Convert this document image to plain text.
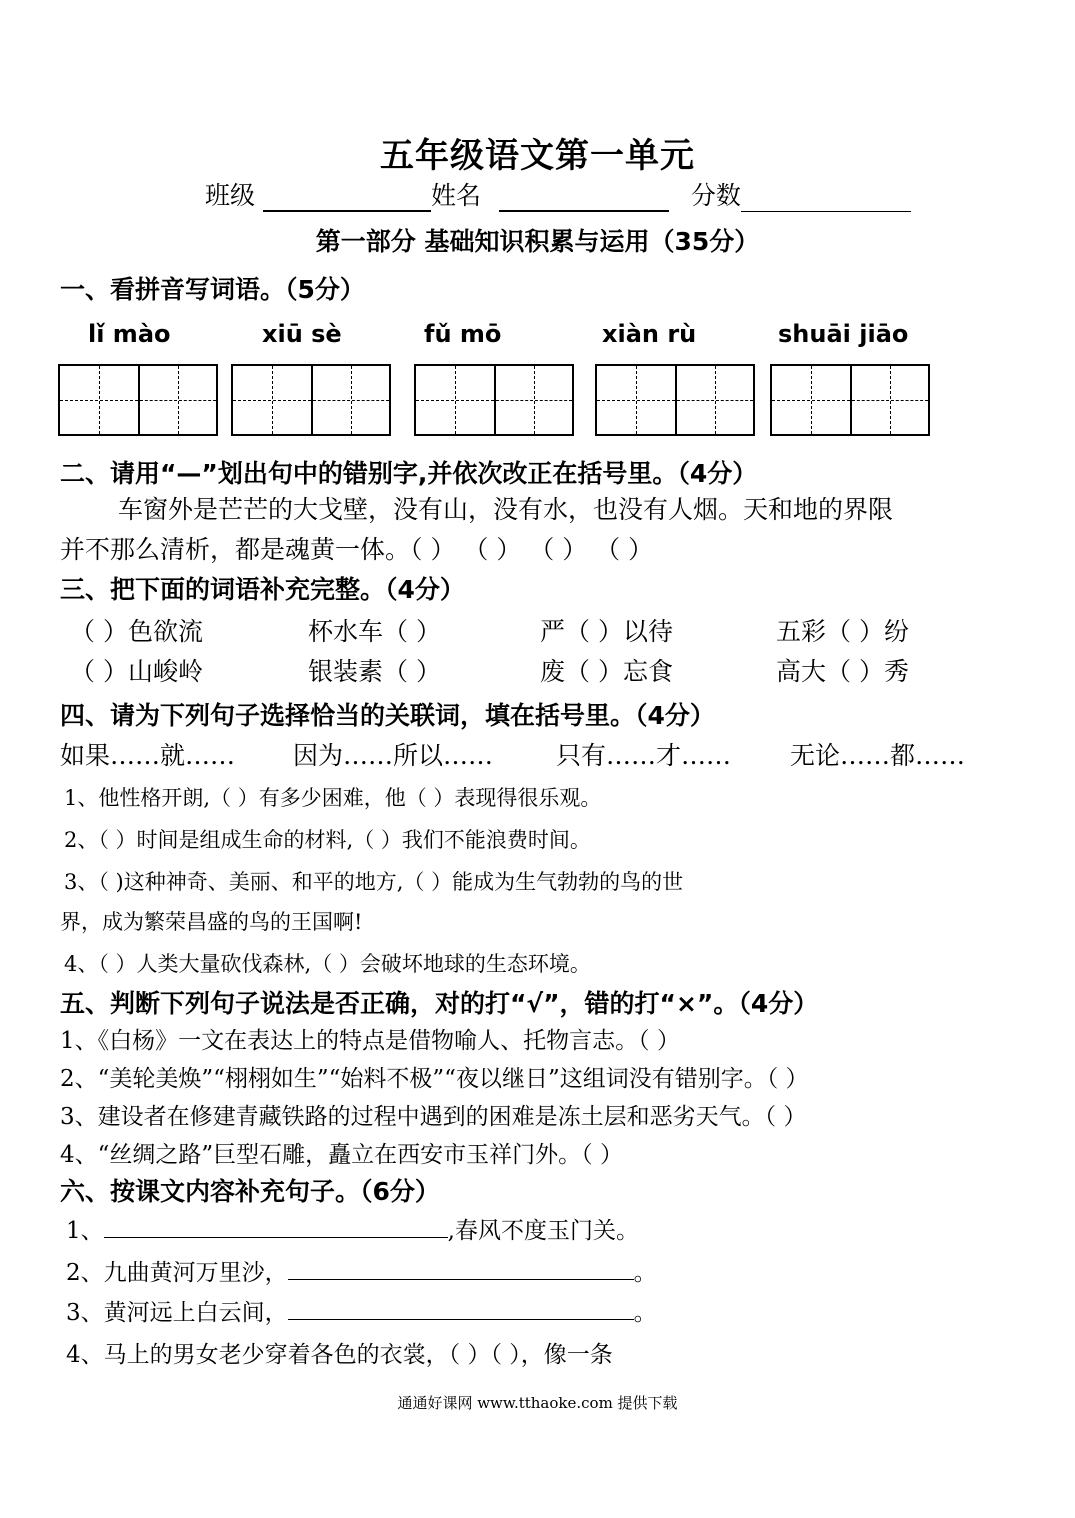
五年级语文第一单元
班级	姓名	分数
第一部分 基础知识积累与运用（35分）
一、看拼音写词语。（5分）
lǐ mào	xiū sè	fǔ mō	xiàn rù	shuāi jiāo
二、请用“—”划出句中的错别字,并依次改正在括号里。（4分）
车窗外是芒芒的大戈壁，没有山，没有水，也没有人烟。天和地的界限
并不那么清析，都是魂黄一体。（ ） （ ） （ ） （ ）
三、把下面的词语补充完整。（4分）
（ ）色欲流	杯水车（ ）	严（ ）以待	五彩（ ）纷
（ ）山峻岭	银装素（ ）	废（ ）忘食	高大（ ）秀
四、请为下列句子选择恰当的关联词，填在括号里。（4分）
如果……就…… 因为……所以……	只有……才…… 无论……都……
1、他性格开朗,（ ）有多少困难，他（ ）表现得很乐观。
2、（ ）时间是组成生命的材料,（ ）我们不能浪费时间。
3、（ )这种神奇、美丽、和平的地方,（ ）能成为生气勃勃的鸟的世
界，成为繁荣昌盛的鸟的王国啊!
4、（ ）人类大量砍伐森林,（ ）会破坏地球的生态环境。
五、判断下列句子说法是否正确，对的打“√”，错的打“×”。（4分）
1、《白杨》一文在表达上的特点是借物喻人、托物言志。（ ）
2、“美轮美焕”“栩栩如生”“始料不极”“夜以继日”这组词没有错别字。（ ）
3、建设者在修建青藏铁路的过程中遇到的困难是冻土层和恶劣天气。（ ）
4、“丝绸之路”巨型石雕，矗立在西安市玉祥门外。（ ）
六、按课文内容补充句子。（6分）
1、	,春风不度玉门关。
2、九曲黄河万里沙，	。
3、黄河远上白云间，	。
4、马上的男女老少穿着各色的衣裳，（ ）（ ），像一条
通通好课网 www.tthaoke.com 提供下载
